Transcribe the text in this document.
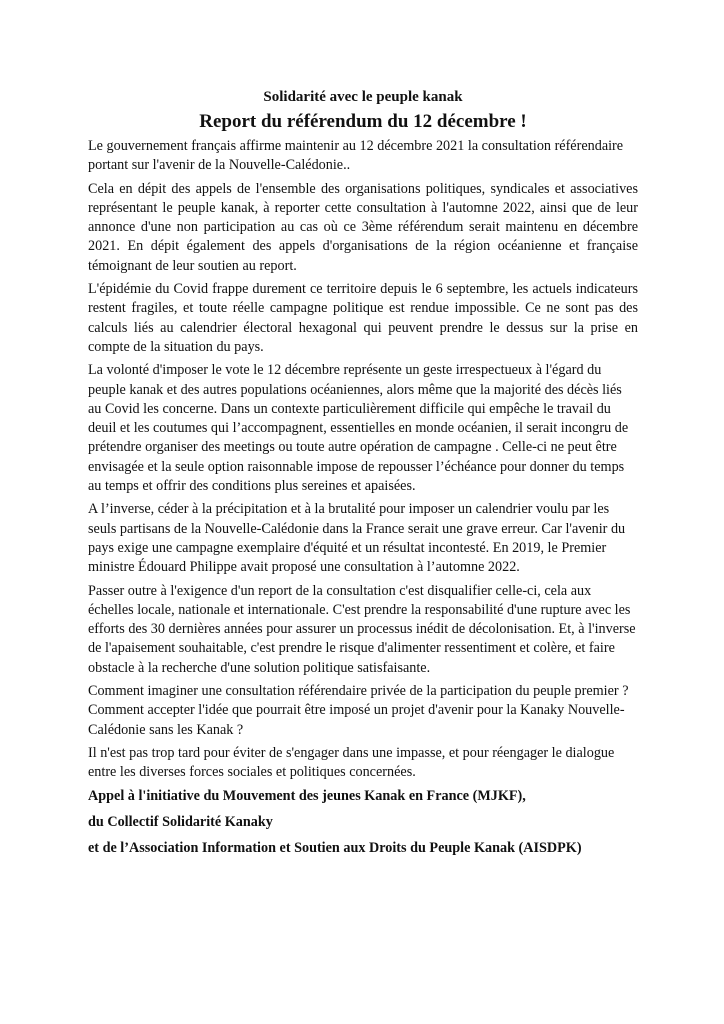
Solidarité avec le peuple kanak

Report du référendum du 12 décembre !

Le gouvernement français affirme maintenir au 12 décembre 2021 la consultation référendaire portant sur l'avenir de la Nouvelle-Calédonie..

Cela en dépit des appels de l'ensemble des organisations politiques, syndicales et associatives représentant le peuple kanak, à reporter cette consultation à l'automne 2022, ainsi que de leur annonce d'une non participation au cas où ce 3ème référendum serait maintenu en décembre 2021. En dépit également des appels d'organisations de la région océanienne et française témoignant de leur soutien au report.

L'épidémie du Covid frappe durement ce territoire depuis le 6 septembre, les actuels indicateurs restent fragiles, et toute réelle campagne politique est rendue impossible. Ce ne sont pas des calculs liés au calendrier électoral hexagonal qui peuvent prendre le dessus sur la prise en compte de la situation du pays.

La volonté d'imposer le vote le 12 décembre représente un geste irrespectueux à l'égard du peuple kanak et des autres populations océaniennes, alors même que la majorité des décès liés au Covid les concerne. Dans un contexte particulièrement difficile qui empêche le travail du deuil et les coutumes qui l’accompagnent, essentielles en monde océanien, il serait incongru de prétendre organiser des meetings ou toute autre opération de campagne . Celle-ci ne peut être envisagée et la seule option raisonnable impose de repousser l’échéance pour donner du temps au temps et offrir des conditions plus sereines et apaisées.

A l’inverse, céder à la précipitation et à la brutalité pour imposer un calendrier voulu par les seuls partisans de la Nouvelle-Calédonie dans la France serait une grave erreur. Car l'avenir du pays exige une campagne exemplaire d'équité et un résultat incontesté. En 2019, le Premier ministre Édouard Philippe avait proposé une consultation à l’automne 2022.

Passer outre à l'exigence d'un report de la consultation c'est disqualifier celle-ci, cela aux échelles locale, nationale et internationale. C'est prendre la responsabilité d'une rupture avec les efforts des 30 dernières années pour assurer un processus inédit de décolonisation. Et, à l'inverse de l'apaisement souhaitable, c'est prendre le risque d'alimenter ressentiment et colère, et faire obstacle à la recherche d'une solution politique satisfaisante.

Comment imaginer une consultation référendaire privée de la participation du peuple premier ? Comment accepter l'idée que pourrait être imposé un projet d'avenir pour la Kanaky Nouvelle-Calédonie sans les Kanak ?

Il n'est pas trop tard pour éviter de s'engager dans une impasse, et pour réengager le dialogue entre les diverses forces sociales et politiques concernées.

Appel à l'initiative du Mouvement des jeunes Kanak en France (MJKF),

du Collectif Solidarité Kanaky

et de l’Association Information et Soutien aux Droits du Peuple Kanak (AISDPK)
